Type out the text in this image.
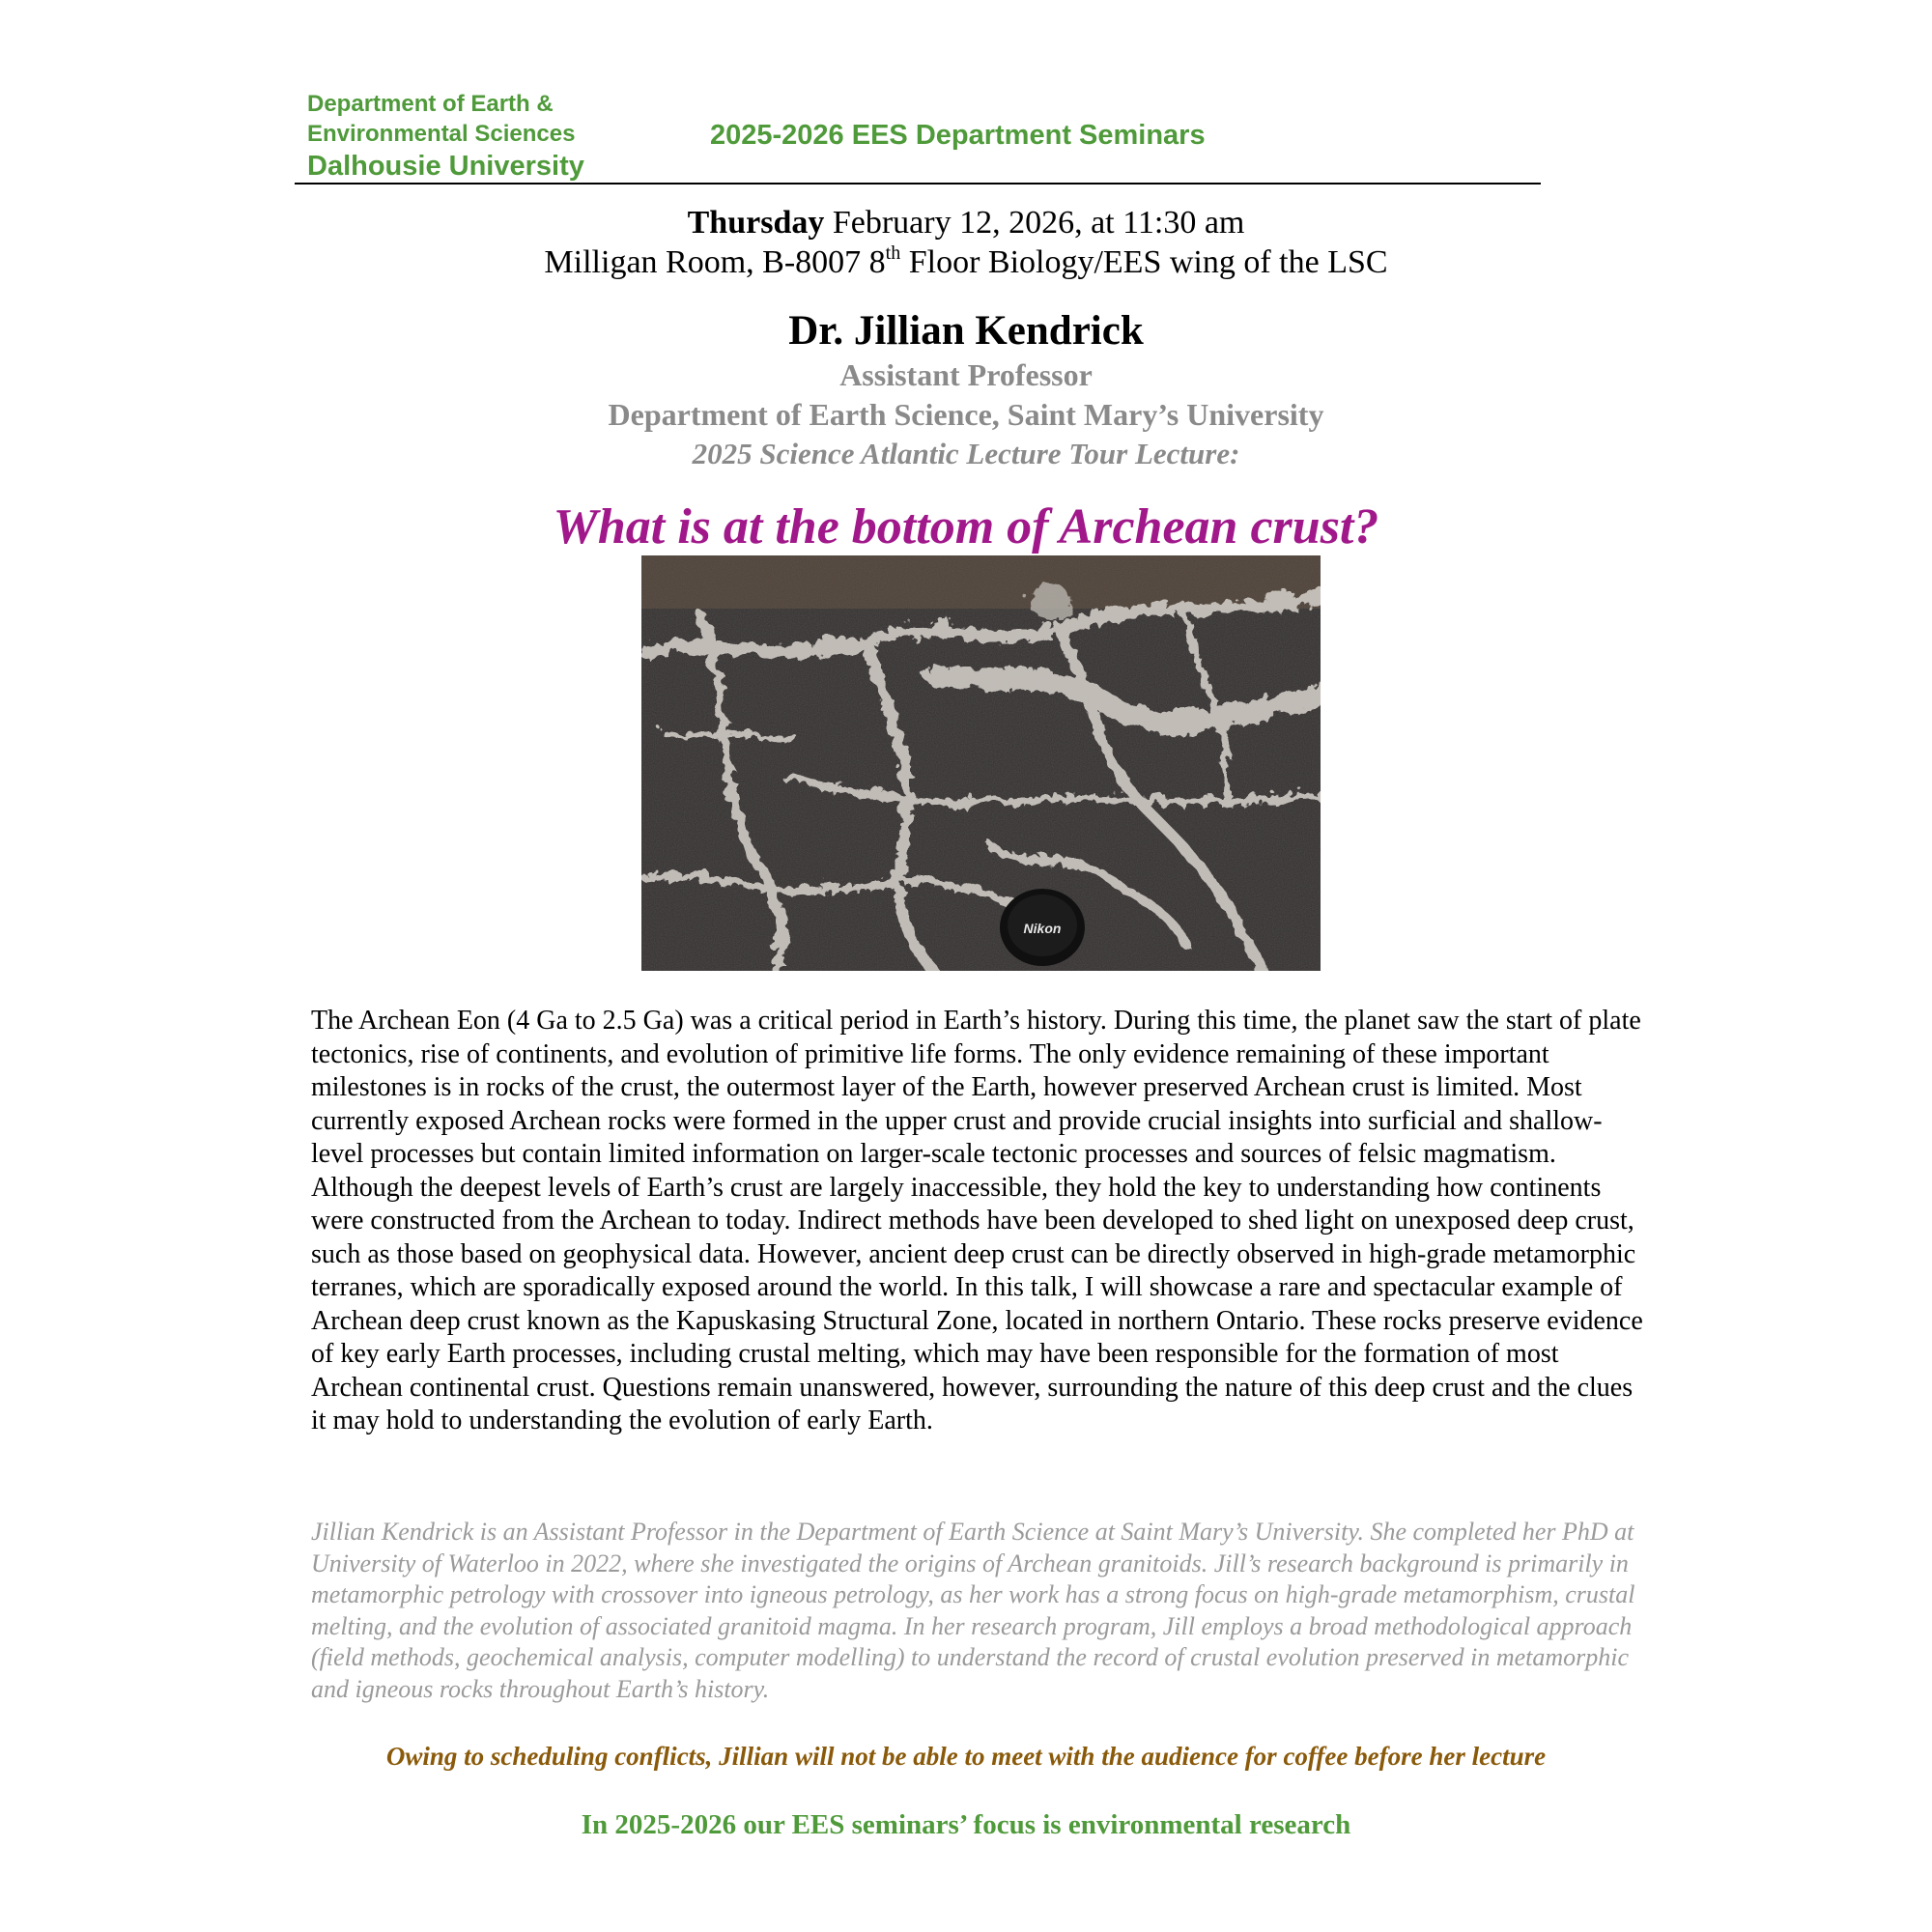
Department of Earth &
Environmental Sciences
Dalhousie University
2025-2026 EES Department Seminars
Thursday February 12, 2026, at 11:30 am
Milligan Room, B-8007 8th Floor Biology/EES wing of the LSC
Dr. Jillian Kendrick
Assistant Professor
Department of Earth Science, Saint Mary’s University
2025 Science Atlantic Lecture Tour Lecture:
What is at the bottom of Archean crust?
Nikon

The Archean Eon (4 Ga to 2.5 Ga) was a critical period in Earth’s history. During this time, the planet saw the start of plate tectonics, rise of continents, and evolution of primitive life forms. The only evidence remaining of these important milestones is in rocks of the crust, the outermost layer of the Earth, however preserved Archean crust is limited. Most currently exposed Archean rocks were formed in the upper crust and provide crucial insights into surficial and shallow-level processes but contain limited information on larger-scale tectonic processes and sources of felsic magmatism. Although the deepest levels of Earth’s crust are largely inaccessible, they hold the key to understanding how continents were constructed from the Archean to today. Indirect methods have been developed to shed light on unexposed deep crust, such as those based on geophysical data. However, ancient deep crust can be directly observed in high-grade metamorphic terranes, which are sporadically exposed around the world. In this talk, I will showcase a rare and spectacular example of Archean deep crust known as the Kapuskasing Structural Zone, located in northern Ontario. These rocks preserve evidence of key early Earth processes, including crustal melting, which may have been responsible for the formation of most Archean continental crust. Questions remain unanswered, however, surrounding the nature of this deep crust and the clues it may hold to understanding the evolution of early Earth.

Jillian Kendrick is an Assistant Professor in the Department of Earth Science at Saint Mary’s University. She completed her PhD at University of Waterloo in 2022, where she investigated the origins of Archean granitoids. Jill’s research background is primarily in metamorphic petrology with crossover into igneous petrology, as her work has a strong focus on high-grade metamorphism, crustal melting, and the evolution of associated granitoid magma. In her research program, Jill employs a broad methodological approach (field methods, geochemical analysis, computer modelling) to understand the record of crustal evolution preserved in metamorphic and igneous rocks throughout Earth’s history.

Owing to scheduling conflicts, Jillian will not be able to meet with the audience for coffee before her lecture
In 2025-2026 our EES seminars’ focus is environmental research
